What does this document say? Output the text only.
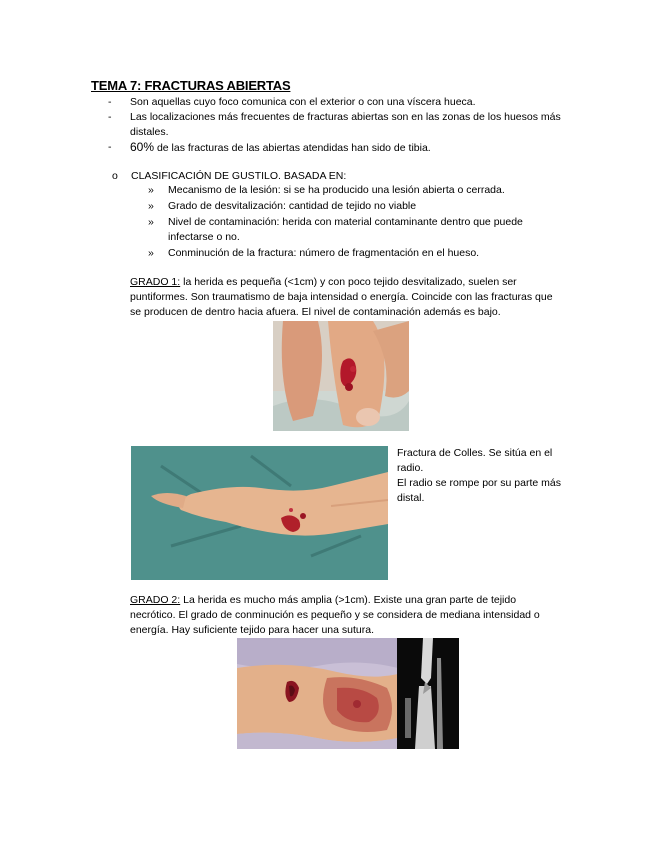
TEMA 7: FRACTURAS ABIERTAS
- Son aquellas cuyo foco comunica con el exterior o con una víscera hueca.
- Las localizaciones más frecuentes de fracturas abiertas son en las zonas de los huesos más
distales.
- 60% de las fracturas de las abiertas atendidas han sido de tibia.
o CLASIFICACIÓN DE GUSTILO. BASADA EN:
» Mecanismo de la lesión: si se ha producido una lesión abierta o cerrada.
» Grado de desvitalización: cantidad de tejido no viable
» Nivel de contaminación: herida con material contaminante dentro que puede
infectarse o no.
» Conminución de la fractura: número de fragmentación en el hueso.
GRADO 1: la herida es pequeña (<1cm) y con poco tejido desvitalizado, suelen ser
puntiformes. Son traumatismo de baja intensidad o energía. Coincide con las fracturas que
se producen de dentro hacia afuera. El nivel de contaminación además es bajo.
Fractura de Colles. Se sitúa en el
radio.
El radio se rompe por su parte más
distal.
GRADO 2: La herida es mucho más amplia (>1cm). Existe una gran parte de tejido
necrótico. El grado de conminución es pequeño y se considera de mediana intensidad o
energía. Hay suficiente tejido para hacer una sutura.
